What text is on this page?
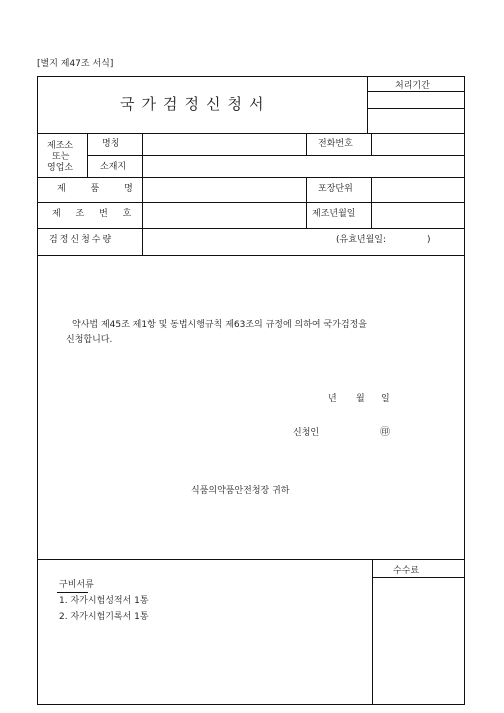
[별지 제47조 서식]
국가검정신청서
처리기간
제조소
또는
영업소
명칭	전화번호
소재지
제 품 명	포장단위
제 조 번 호	제조년월일
검정신청수량	(유효년월일:	)
약사법 제45조 제1항 및 동법시행규칙 제63조의 규정에 의하여 국가검정을
신청합니다.
년 월 일
신청인	㊞
식품의약품안전청장 귀하
수수료
구비서류
1. 자가시험성적서 1통
2. 자가시험기록서 1통
